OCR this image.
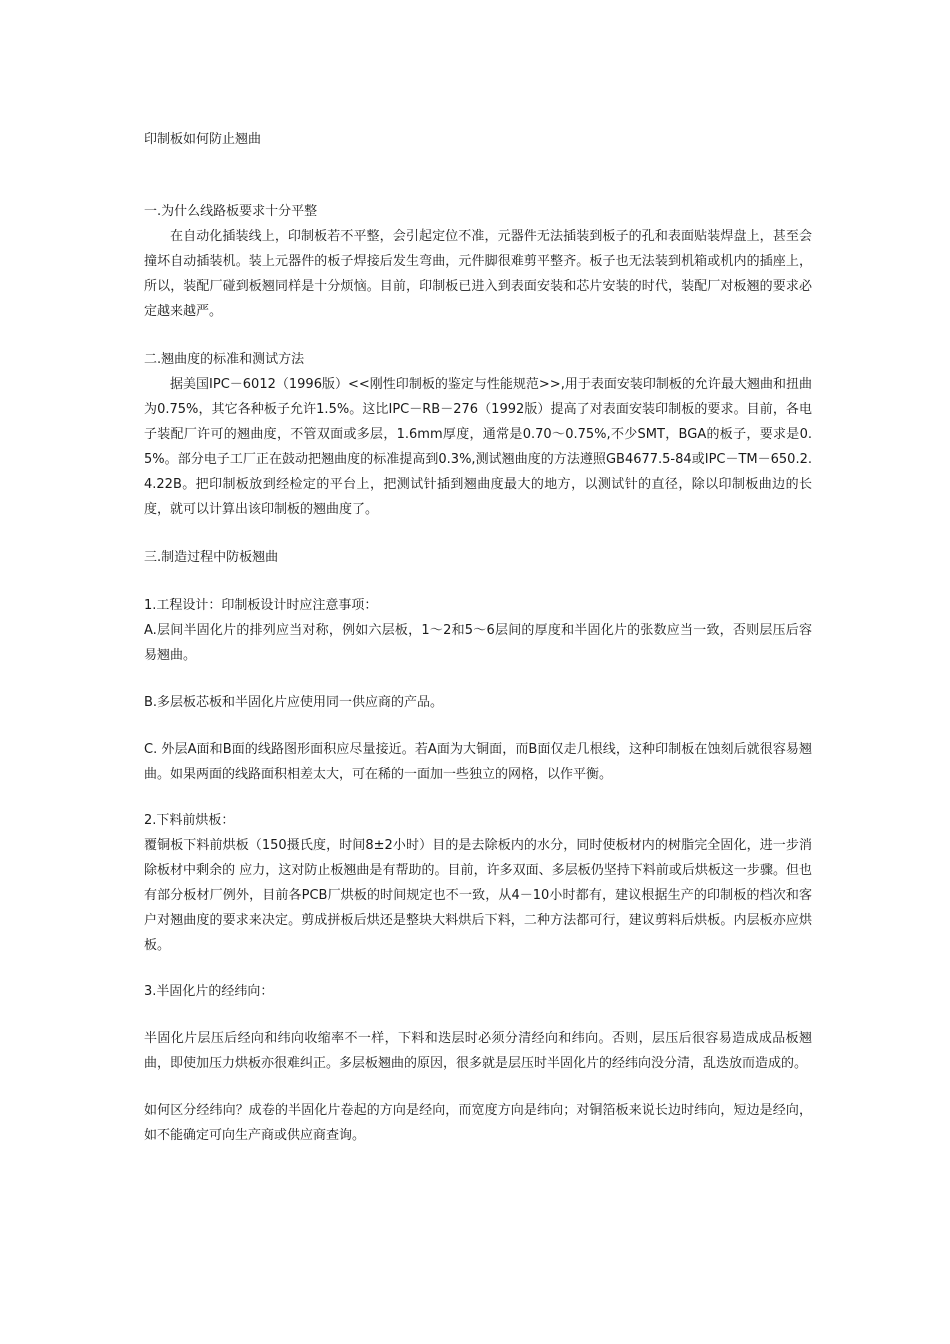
印制板如何防止翘曲

一.为什么线路板要求十分平整

在自动化插装线上，印制板若不平整，会引起定位不准，元器件无法插装到板子的孔和表面贴装焊盘上，甚至会撞坏自动插装机。装上元器件的板子焊接后发生弯曲，元件脚很难剪平整齐。板子也无法装到机箱或机内的插座上，所以，装配厂碰到板翘同样是十分烦恼。目前，印制板已进入到表面安装和芯片安装的时代，装配厂对板翘的要求必定越来越严。

二.翘曲度的标准和测试方法

据美国IPC－6012（1996版）<<刚性印制板的鉴定与性能规范>>,用于表面安装印制板的允许最大翘曲和扭曲为0.75%，其它各种板子允许1.5%。这比IPC－RB－276（1992版）提高了对表面安装印制板的要求。目前，各电子装配厂许可的翘曲度，不管双面或多层，1.6mm厚度，通常是0.70～0.75%,不少SMT，BGA的板子，要求是0.5%。部分电子工厂正在鼓动把翘曲度的标准提高到0.3%,测试翘曲度的方法遵照GB4677.5-84或IPC－TM－650.2.4.22B。把印制板放到经检定的平台上，把测试针插到翘曲度最大的地方，以测试针的直径，除以印制板曲边的长度，就可以计算出该印制板的翘曲度了。

三.制造过程中防板翘曲

1.工程设计：印制板设计时应注意事项：

A.层间半固化片的排列应当对称，例如六层板，1～2和5～6层间的厚度和半固化片的张数应当一致，否则层压后容易翘曲。

B.多层板芯板和半固化片应使用同一供应商的产品。

C. 外层A面和B面的线路图形面积应尽量接近。若A面为大铜面，而B面仅走几根线，这种印制板在蚀刻后就很容易翘曲。如果两面的线路面积相差太大，可在稀的一面加一些独立的网格，以作平衡。

2.下料前烘板：

覆铜板下料前烘板（150摄氏度，时间8±2小时）目的是去除板内的水分，同时使板材内的树脂完全固化，进一步消除板材中剩余的 应力，这对防止板翘曲是有帮助的。目前，许多双面、多层板仍坚持下料前或后烘板这一步骤。但也有部分板材厂例外，目前各PCB厂烘板的时间规定也不一致，从4－10小时都有，建议根据生产的印制板的档次和客户对翘曲度的要求来决定。剪成拼板后烘还是整块大料烘后下料，二种方法都可行，建议剪料后烘板。内层板亦应烘板。

3.半固化片的经纬向：

半固化片层压后经向和纬向收缩率不一样，下料和迭层时必须分清经向和纬向。否则，层压后很容易造成成品板翘曲，即使加压力烘板亦很难纠正。多层板翘曲的原因，很多就是层压时半固化片的经纬向没分清，乱迭放而造成的。

如何区分经纬向？成卷的半固化片卷起的方向是经向，而宽度方向是纬向；对铜箔板来说长边时纬向，短边是经向，如不能确定可向生产商或供应商查询。
